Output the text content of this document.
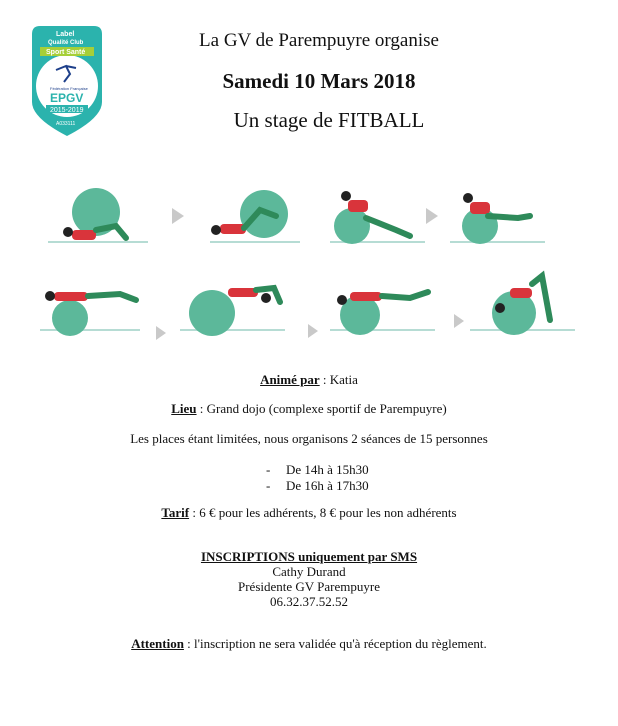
Label
Qualité Club
Sport Santé
Fédération Française
EPGV
2015-2019
A033111
La GV de Parempuyre organise
Samedi 10 Mars 2018
Un stage de FITBALL
Animé par : Katia
Lieu : Grand dojo (complexe sportif de Parempuyre)
Les places étant limitées, nous organisons 2 séances de 15 personnes
- De 14h à 15h30
- De 16h à 17h30
Tarif : 6 € pour les adhérents, 8 € pour les non adhérents
INSCRIPTIONS uniquement par SMS
Cathy Durand
Présidente GV Parempuyre
06.32.37.52.52
Attention : l'inscription ne sera validée qu'à réception du règlement.
